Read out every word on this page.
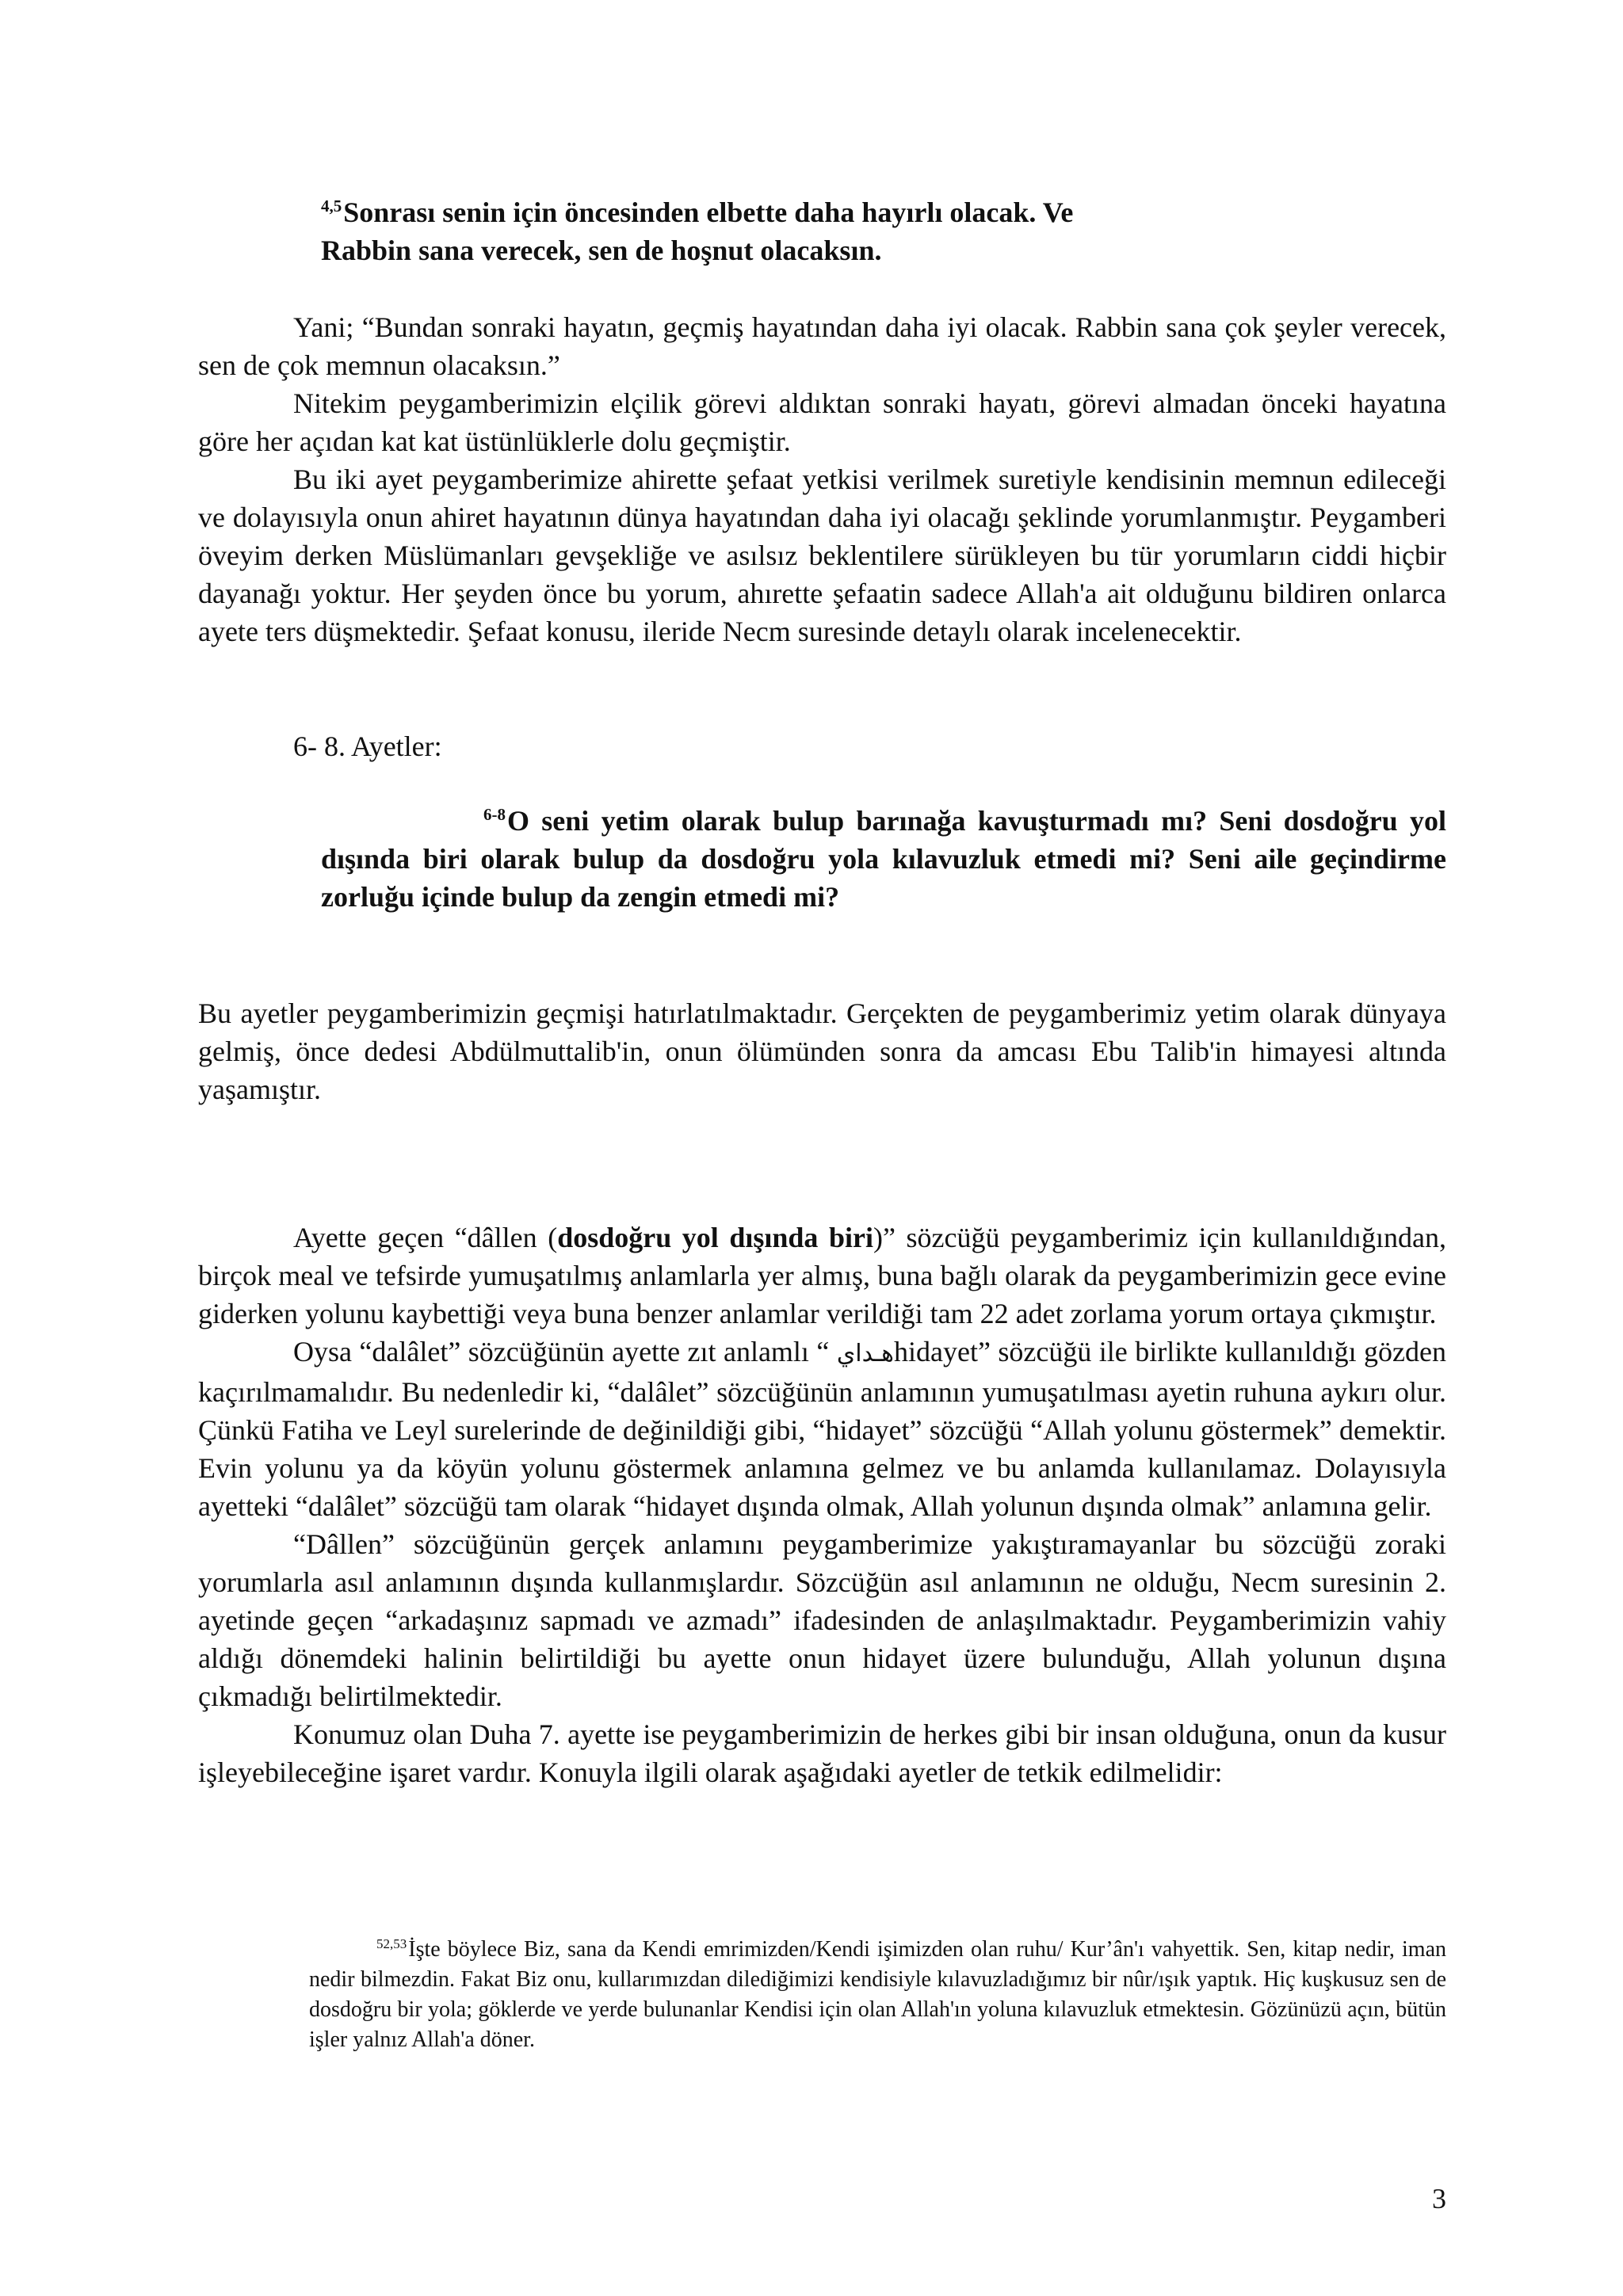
$^{4,5}$Sonrası senin için öncesinden elbette daha hayırlı olacak. Ve
Rabbin sana verecek, sen de hoşnut olacaksın.

Yani; “Bundan sonraki hayatın, geçmiş hayatından daha iyi olacak. Rabbin sana çok şeyler verecek, sen de çok memnun olacaksın.”

Nitekim peygamberimizin elçilik görevi aldıktan sonraki hayatı, görevi almadan önceki hayatına göre her açıdan kat kat üstünlüklerle dolu geçmiştir.

Bu iki ayet peygamberimize ahirette şefaat yetkisi verilmek suretiyle kendisinin memnun edileceği ve dolayısıyla onun ahiret hayatının dünya hayatından daha iyi olacağı şeklinde yorumlanmıştır. Peygamberi öveyim derken Müslümanları gevşekliğe ve asılsız beklentilere sürükleyen bu tür yorumların ciddi hiçbir dayanağı yoktur. Her şeyden önce bu yorum, ahırette şefaatin sadece Allah'a ait olduğunu bildiren onlarca ayete ters düşmektedir. Şefaat konusu, ileride Necm suresinde detaylı olarak incelenecektir.

6- 8. Ayetler:
$^{6-8}$O seni yetim olarak bulup barınağa kavuşturmadı mı? Seni dosdoğru yol dışında biri olarak bulup da dosdoğru yola kılavuzluk etmedi mi? Seni aile geçindirme zorluğu içinde bulup da zengin etmedi mi?

Bu ayetler peygamberimizin geçmişi hatırlatılmaktadır. Gerçekten de peygamberimiz yetim olarak dünyaya gelmiş, önce dedesi Abdülmuttalib'in, onun ölümünden sonra da amcası Ebu Talib'in himayesi altında yaşamıştır.

Ayette geçen “dâllen (dosdoğru yol dışında biri)” sözcüğü peygamberimiz için kullanıldığından, birçok meal ve tefsirde yumuşatılmış anlamlarla yer almış, buna bağlı olarak da peygamberimizin gece evine giderken yolunu kaybettiği veya buna benzer anlamlar verildiği tam 22 adet zorlama yorum ortaya çıkmıştır.

Oysa “dalâlet” sözcüğünün ayette zıt anlamlı “ هـدايhidayet” sözcüğü ile birlikte kullanıldığı gözden kaçırılmamalıdır. Bu nedenledir ki, “dalâlet” sözcüğünün anlamının yumuşatılması ayetin ruhuna aykırı olur. Çünkü Fatiha ve Leyl surelerinde de değinildiği gibi, “hidayet” sözcüğü “Allah yolunu göstermek” demektir. Evin yolunu ya da köyün yolunu göstermek anlamına gelmez ve bu anlamda kullanılamaz. Dolayısıyla ayetteki “dalâlet” sözcüğü tam olarak “hidayet dışında olmak, Allah yolunun dışında olmak” anlamına gelir.

“Dâllen” sözcüğünün gerçek anlamını peygamberimize yakıştıramayanlar bu sözcüğü zoraki yorumlarla asıl anlamının dışında kullanmışlardır. Sözcüğün asıl anlamının ne olduğu, Necm suresinin 2. ayetinde geçen “arkadaşınız sapmadı ve azmadı” ifadesinden de anlaşılmaktadır. Peygamberimizin vahiy aldığı dönemdeki halinin belirtildiği bu ayette onun hidayet üzere bulunduğu, Allah yolunun dışına çıkmadığı belirtilmektedir.

Konumuz olan Duha 7. ayette ise peygamberimizin de herkes gibi bir insan olduğuna, onun da kusur işleyebileceğine işaret vardır. Konuyla ilgili olarak aşağıdaki ayetler de tetkik edilmelidir:

$^{52,53}$İşte böylece Biz, sana da Kendi emrimizden/Kendi işimizden olan ruhu/ Kur’ân'ı vahyettik. Sen, kitap nedir, iman nedir bilmezdin. Fakat Biz onu, kullarımızdan dilediğimizi kendisiyle kılavuzladığımız bir nûr/ışık yaptık. Hiç kuşkusuz sen de dosdoğru bir yola; göklerde ve yerde bulunanlar Kendisi için olan Allah'ın yoluna kılavuzluk etmektesin. Gözünüzü açın, bütün işler yalnız Allah'a döner.
3
